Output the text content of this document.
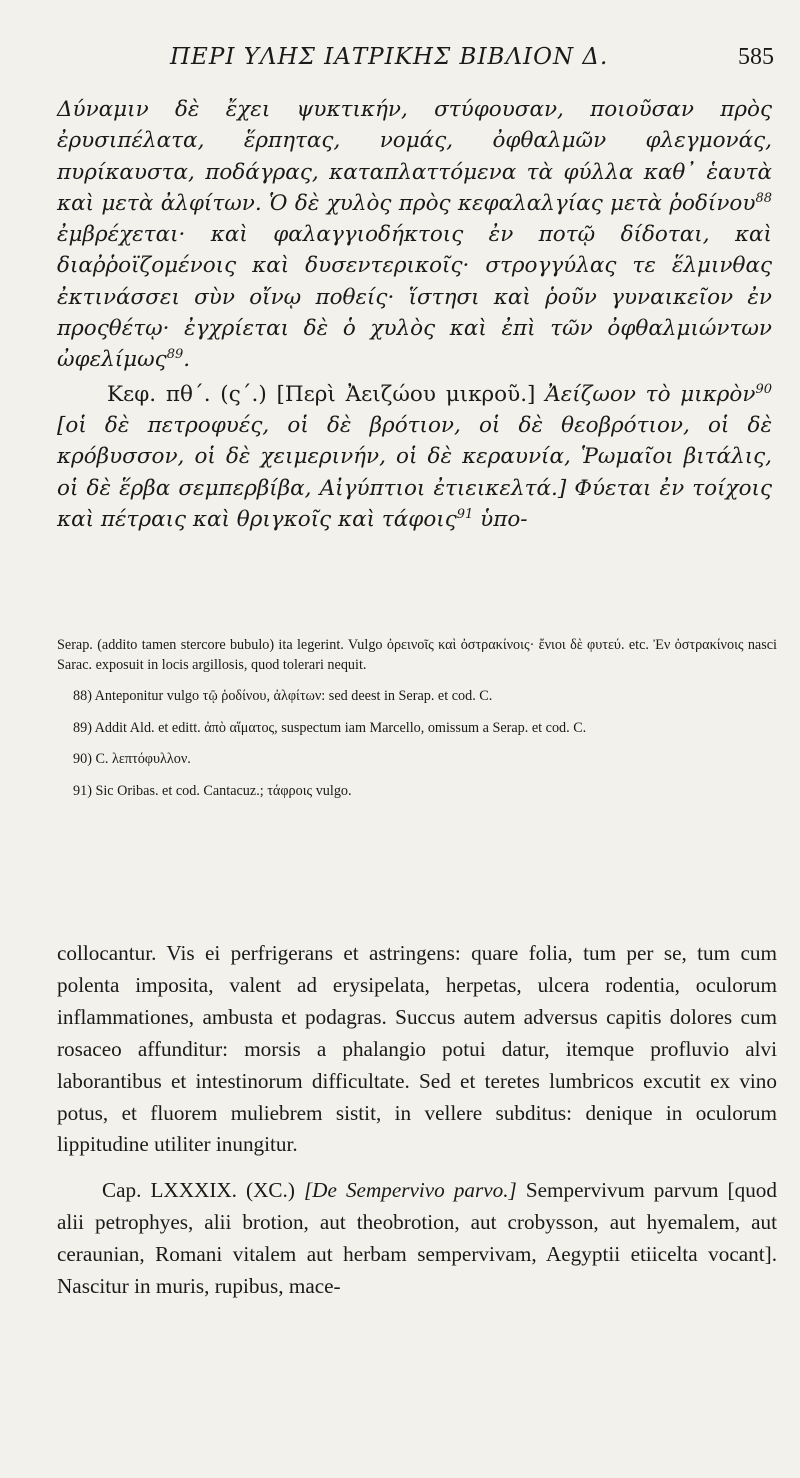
ΠΕΡΙ ΥΛΗΣ ΙΑΤΡΙΚΗΣ ΒΙΒΛΙΟΝ Δ.	585

Δύναμιν δὲ ἔχει ψυκτικήν, στύφουσαν, ποιοῦσαν πρὸς ἐρυσιπέλατα, ἕρπητας, νομάς, ὀφθαλμῶν φλεγμονάς, πυρίκαυστα, ποδάγρας, καταπλαττόμενα τὰ φύλλα καθ᾽ ἑαυτὰ καὶ μετὰ ἀλφίτων. Ὁ δὲ χυλὸς πρὸς κεφαλαλγίας μετὰ ῥοδίνου$^{88}$ ἐμβρέχεται· καὶ φαλαγγιοδήκτοις ἐν ποτῷ δίδοται, καὶ διαῤῥοϊζομένοις καὶ δυσεντερικοῖς· στρογγύλας τε ἕλμινθας ἐκτινάσσει σὺν οἴνῳ ποθείς· ἵστησι καὶ ῥοῦν γυναικεῖον ἐν προςθέτῳ· ἐγχρίεται δὲ ὁ χυλὸς καὶ ἐπὶ τῶν ὀφθαλμιώντων ὠφελίμως$^{89}$.

Κεφ. πθ΄. (ς΄.) [Περὶ Ἀειζώου μικροῦ.] Ἀείζωον τὸ μικρὸν$^{90}$ [οἱ δὲ πετροφυές, οἱ δὲ βρότιον, οἱ δὲ θεοβρότιον, οἱ δὲ κρόβυσσον, οἱ δὲ χειμερινήν, οἱ δὲ κεραυνία, Ῥωμαῖοι βιτάλις, οἱ δὲ ἕρβα σεμπερβίβα, Αἰγύπτιοι ἐτιεικελτά.] Φύεται ἐν τοίχοις καὶ πέτραις καὶ θριγκοῖς καὶ τάφοις$^{91}$ ὑπο-

Serap. (addito tamen stercore bubulo) ita legerint. Vulgo ὀρεινοῖς καὶ ὀστρακίνοις· ἔνιοι δὲ φυτεύ. etc. Ἐν ὀστρακίνοις nasci Sarac. exposuit in locis argillosis, quod tolerari nequit.

88) Anteponitur vulgo τῷ ῥοδίνου, ἀλφίτων: sed deest in Serap. et cod. C.

89) Addit Ald. et editt. ἀπὸ αἵματος, suspectum iam Marcello, omissum a Serap. et cod. C.

90) C. λεπτόφυλλον.

91) Sic Oribas. et cod. Cantacuz.; τάφροις vulgo.

collocantur. Vis ei perfrigerans et astringens: quare folia, tum per se, tum cum polenta imposita, valent ad erysipelata, herpetas, ulcera rodentia, oculorum inflammationes, ambusta et podagras. Succus autem adversus capitis dolores cum rosaceo affunditur: morsis a phalangio potui datur, itemque profluvio alvi laborantibus et intestinorum difficultate. Sed et teretes lumbricos excutit ex vino potus, et fluorem muliebrem sistit, in vellere subditus: denique in oculorum lippitudine utiliter inungitur.

Cap. LXXXIX. (XC.) [De Sempervivo parvo.] Sempervivum parvum [quod alii petrophyes, alii brotion, aut theobrotion, aut crobysson, aut hyemalem, aut ceraunian, Romani vitalem aut herbam sempervivam, Aegyptii etiicelta vocant]. Nascitur in muris, rupibus, mace-
